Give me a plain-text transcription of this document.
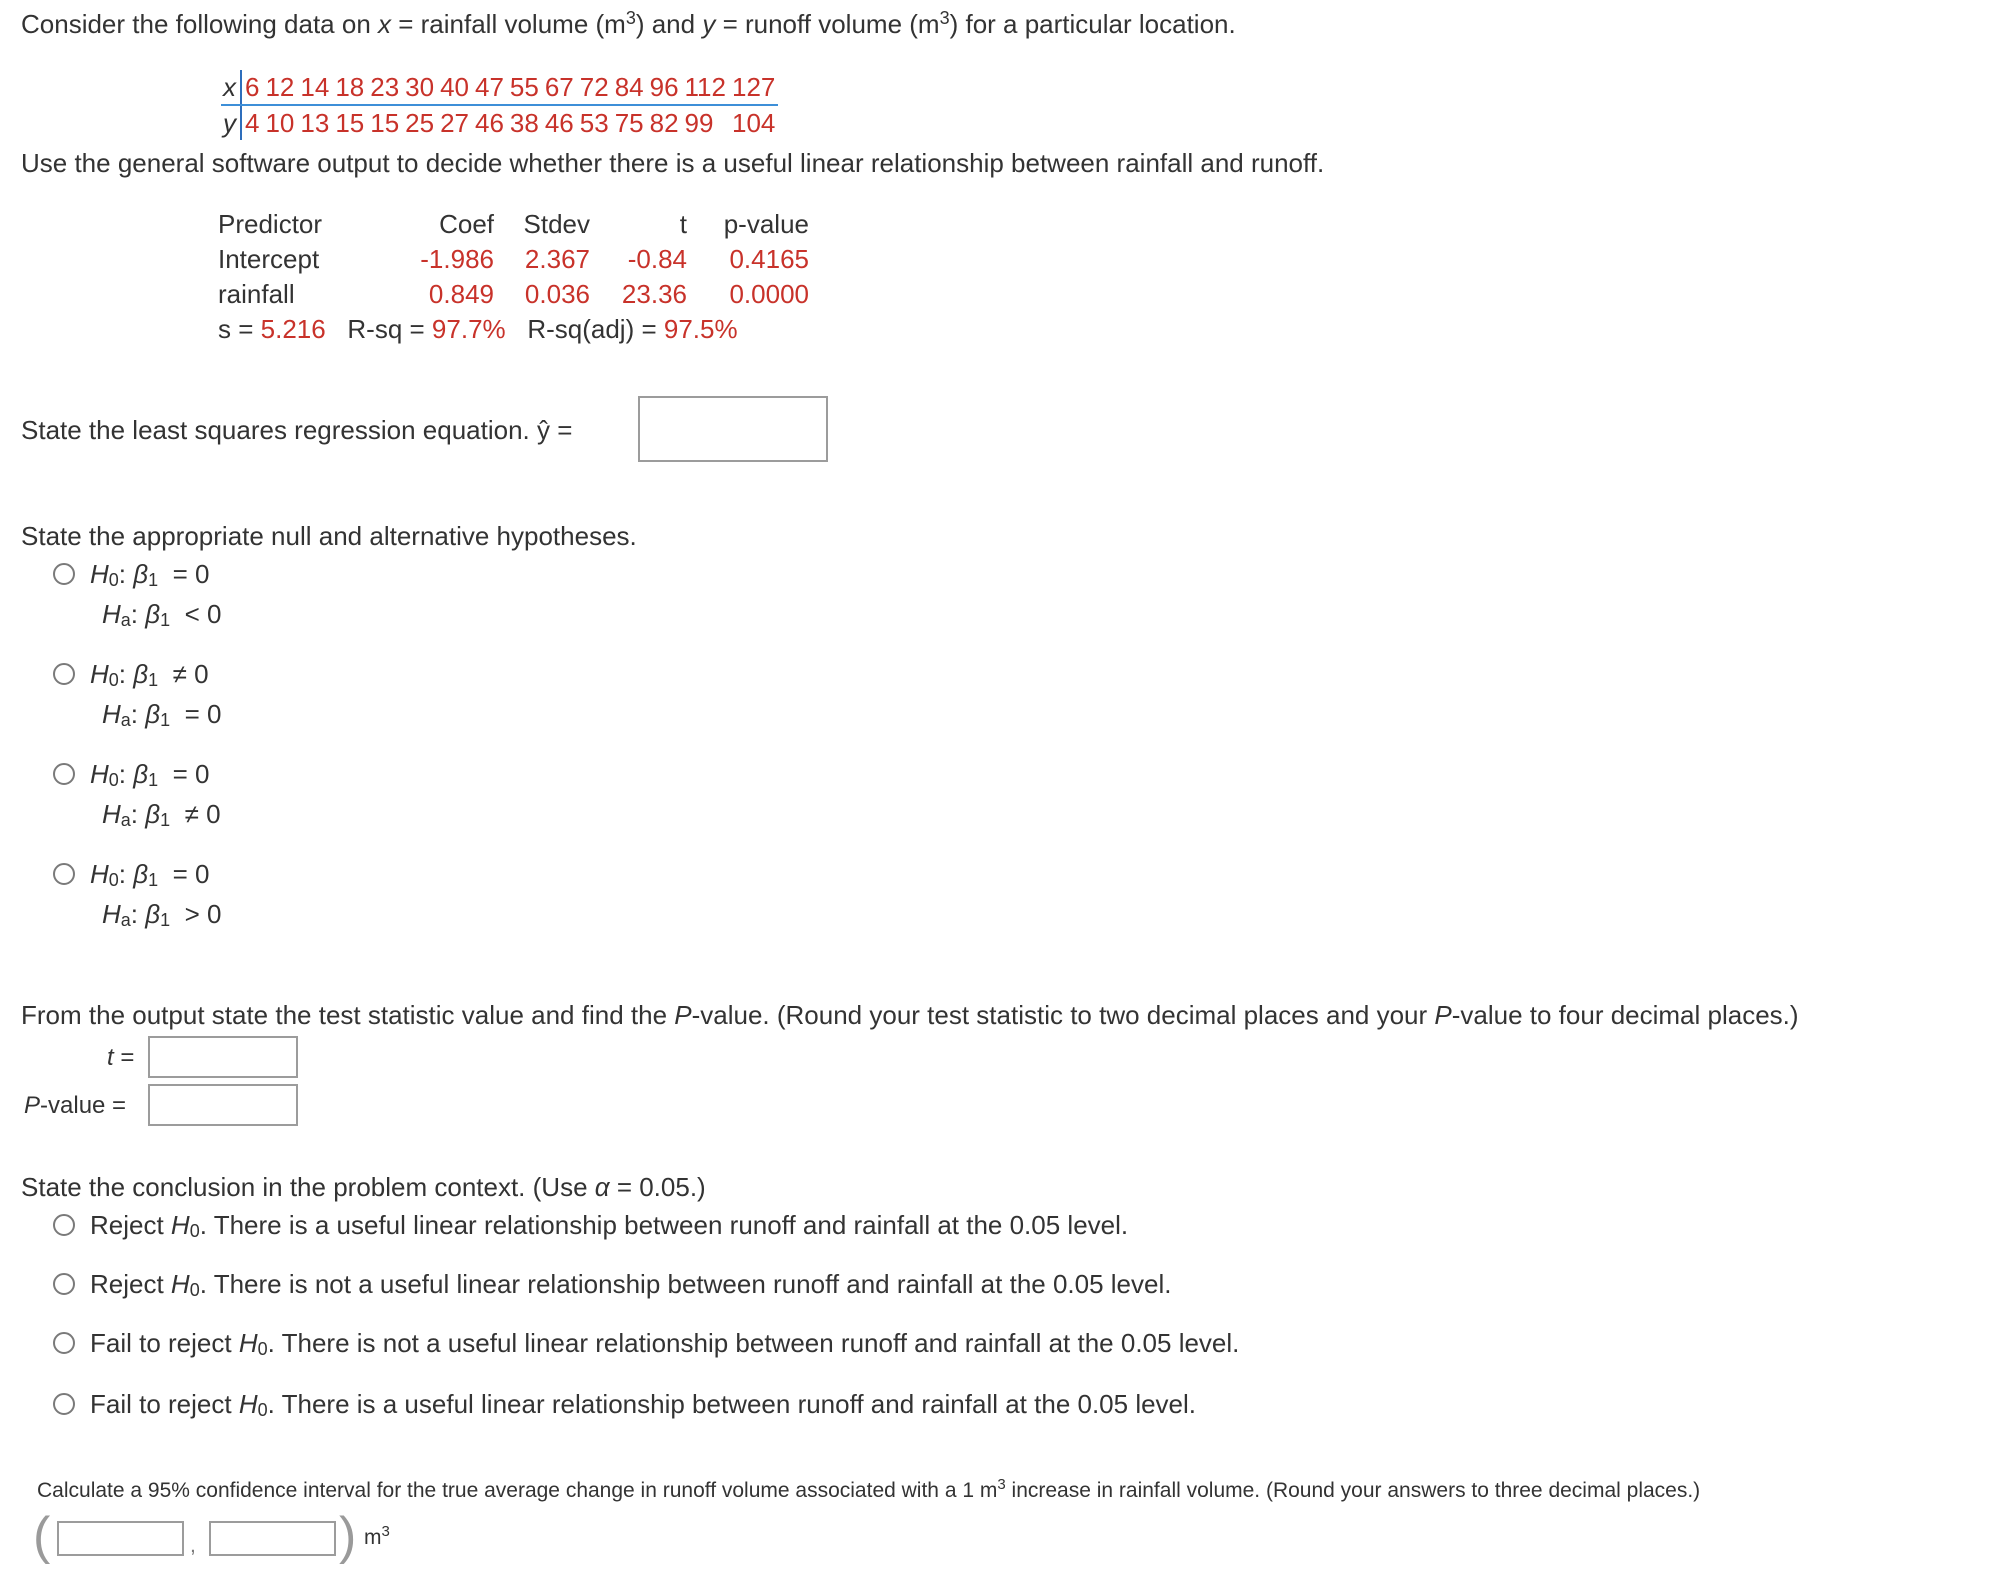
Consider the following data on x = rainfall volume $(m^3)$ and y = runoff volume $(m^3)$ for a particular location.
x	6	12	14	18	23	30	40	47	55	67	72	84	96	112	127
y	4	10	13	15	15	25	27	46	38	46	53	75	82	99	104
Use the general software output to decide whether there is a useful linear relationship between rainfall and runoff.
Predictor	Coef	Stdev	t	p-value
Intercept	-1.986	2.367	-0.84	0.4165
rainfall	0.849	0.036	23.36	0.0000
s = 5.216 R-sq = 97.7% R-sq(adj) = 97.5%				
State the least squares regression equation. ŷ =
State the appropriate null and alternative hypotheses.
$H_0$: $\beta_1 = 0$
$H_a$: $\beta_1 < 0$
$H_0$: $\beta_1 \ne 0$
$H_a$: $\beta_1 = 0$
$H_0$: $\beta_1 = 0$
$H_a$: $\beta_1 \ne 0$
$H_0$: $\beta_1 = 0$
$H_a$: $\beta_1 > 0$
From the output state the test statistic value and find the P-value. (Round your test statistic to two decimal places and your P-value to four decimal places.)
t =
P-value =
State the conclusion in the problem context. (Use α = 0.05.)
Reject $H_0$. There is a useful linear relationship between runoff and rainfall at the 0.05 level.
Reject $H_0$. There is not a useful linear relationship between runoff and rainfall at the 0.05 level.
Fail to reject $H_0$. There is not a useful linear relationship between runoff and rainfall at the 0.05 level.
Fail to reject $H_0$. There is a useful linear relationship between runoff and rainfall at the 0.05 level.
Calculate a 95% confidence interval for the true average change in runoff volume associated with a 1 $m^3$ increase in rainfall volume. (Round your answers to three decimal places.)
(	,	) $m^3$
